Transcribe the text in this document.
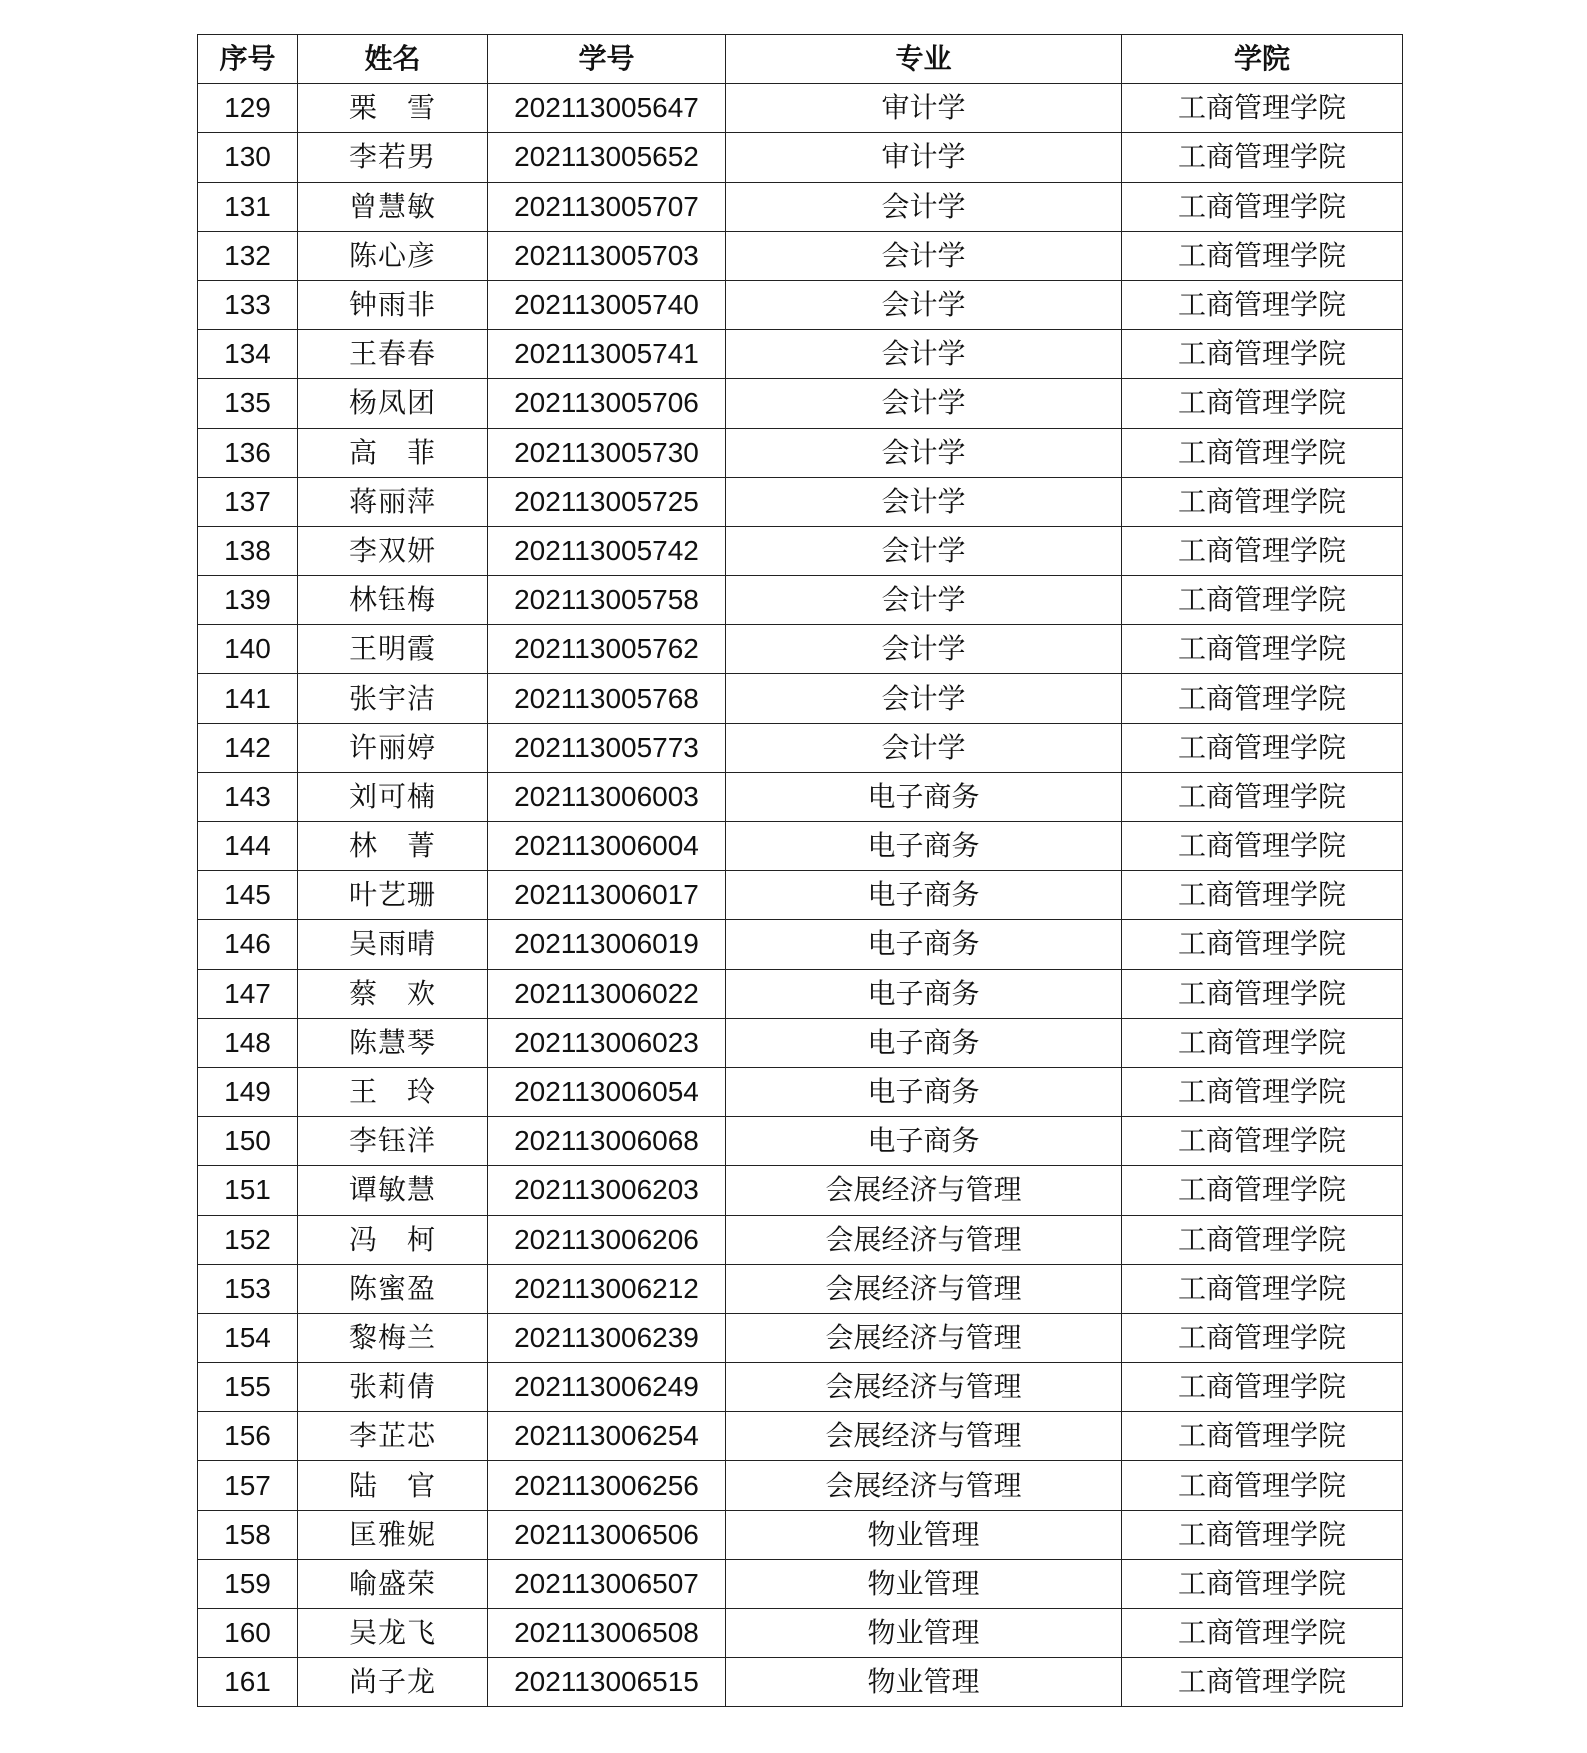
序号	姓名	学号	专业	学院
129	栗　雪	202113005647	审计学	工商管理学院
130	李若男	202113005652	审计学	工商管理学院
131	曾慧敏	202113005707	会计学	工商管理学院
132	陈心彦	202113005703	会计学	工商管理学院
133	钟雨非	202113005740	会计学	工商管理学院
134	王春春	202113005741	会计学	工商管理学院
135	杨凤团	202113005706	会计学	工商管理学院
136	高　菲	202113005730	会计学	工商管理学院
137	蒋丽萍	202113005725	会计学	工商管理学院
138	李双妍	202113005742	会计学	工商管理学院
139	林钰梅	202113005758	会计学	工商管理学院
140	王明霞	202113005762	会计学	工商管理学院
141	张宇洁	202113005768	会计学	工商管理学院
142	许丽婷	202113005773	会计学	工商管理学院
143	刘可楠	202113006003	电子商务	工商管理学院
144	林　菁	202113006004	电子商务	工商管理学院
145	叶艺珊	202113006017	电子商务	工商管理学院
146	吴雨晴	202113006019	电子商务	工商管理学院
147	蔡　欢	202113006022	电子商务	工商管理学院
148	陈慧琴	202113006023	电子商务	工商管理学院
149	王　玲	202113006054	电子商务	工商管理学院
150	李钰洋	202113006068	电子商务	工商管理学院
151	谭敏慧	202113006203	会展经济与管理	工商管理学院
152	冯　柯	202113006206	会展经济与管理	工商管理学院
153	陈蜜盈	202113006212	会展经济与管理	工商管理学院
154	黎梅兰	202113006239	会展经济与管理	工商管理学院
155	张莉倩	202113006249	会展经济与管理	工商管理学院
156	李芷芯	202113006254	会展经济与管理	工商管理学院
157	陆　官	202113006256	会展经济与管理	工商管理学院
158	匡雅妮	202113006506	物业管理	工商管理学院
159	喻盛荣	202113006507	物业管理	工商管理学院
160	吴龙飞	202113006508	物业管理	工商管理学院
161	尚子龙	202113006515	物业管理	工商管理学院
